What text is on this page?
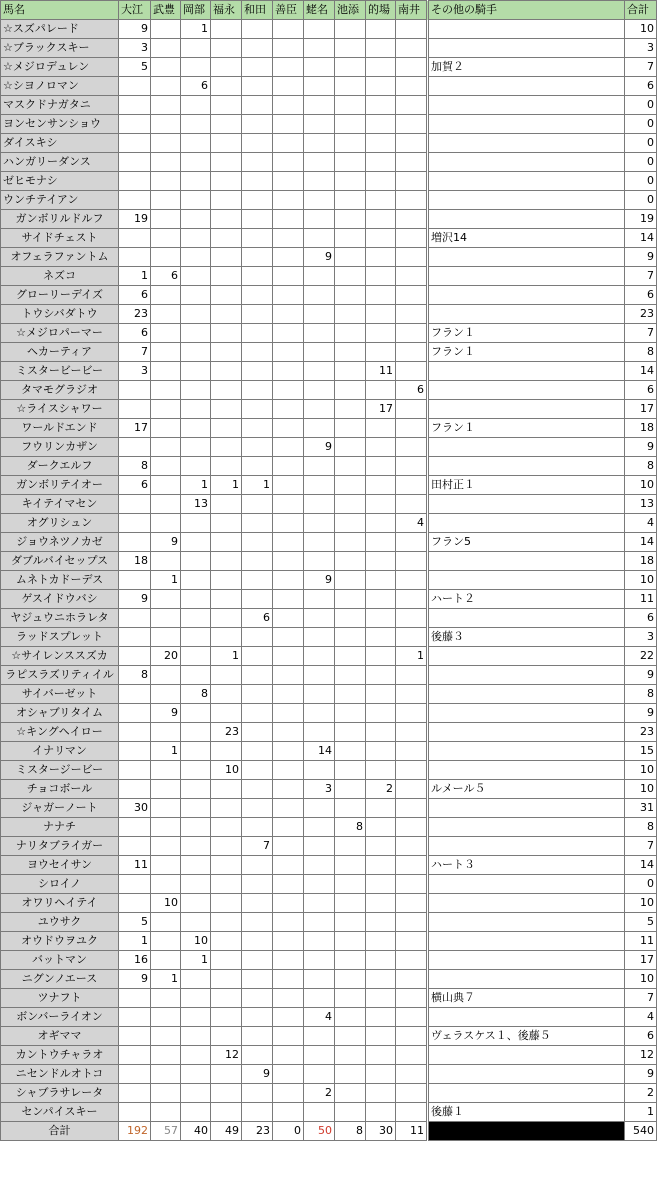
馬名	大江	武豊	岡部	福永	和田	善臣	蛯名	池添	的場	南井		その他の騎手	合計
☆スズパレード	9		1										10
☆ブラックスキー	3												3
☆メジロデュレン	5											加賀２	7
☆シヨノロマン			6										6
マスクドナガタニ													0
ヨンセンサンショウ													0
ダイスキシ													0
ハンガリーダンス													0
ゼヒモナシ													0
ウンチテイアン													0
ガンボリルドルフ	19												19
サイドチェスト												増沢14	14
オフェラファントム							9						9
ネズコ	1	6											7
グローリーデイズ	6												6
トウシバダトウ	23												23
☆メジロパーマー	6											フラン１	7
ヘカーティア	7											フラン１	8
ミスタービービー	3								11				14
タマモグラジオ										6			6
☆ライスシャワー									17				17
ワールドエンド	17											フラン１	18
フウリンカザン							9						9
ダークエルフ	8												8
ガンボリテイオー	6		1	1	1							田村正１	10
キイテイマセン			13										13
オグリシュン										4			4
ジョウネツノカゼ		9										フラン5	14
ダブルバイセップス	18												18
ムネトカドーデス		1					9						10
ゲスイドウバシ	9											ハート２	11
ヤジュウニホラレタ					6								6
ラッドスプレット												後藤３	3
☆サイレンススズカ		20		1						1			22
ラピスラズリティイル	8												9
サイバーゼット			8										8
オシャブリタイム		9											9
☆キングヘイロー				23									23
イナリマン		1					14						15
ミスタージービー				10									10
チョコボール							3		2			ルメール５	10
ジャガーノート	30												31
ナナチ								8					8
ナリタブライガー					7								7
ヨウセイサン	11											ハート３	14
シロイノ													0
オワリヘイテイ		10											10
ユウサク	5												5
オウドウヲユク	1		10										11
バットマン	16		1										17
ニグンノエース	9	1											10
ツナフト												横山典７	7
ボンバーライオン							4						4
オギママ												ヴェラスケス１、後藤５	6
カントウチャラオ				12									12
ニセンドルオトコ					9								9
シャブラサレータ							2						2
センパイスキー												後藤１	1
合計	192	57	40	49	23	0	50	8	30	11			540
